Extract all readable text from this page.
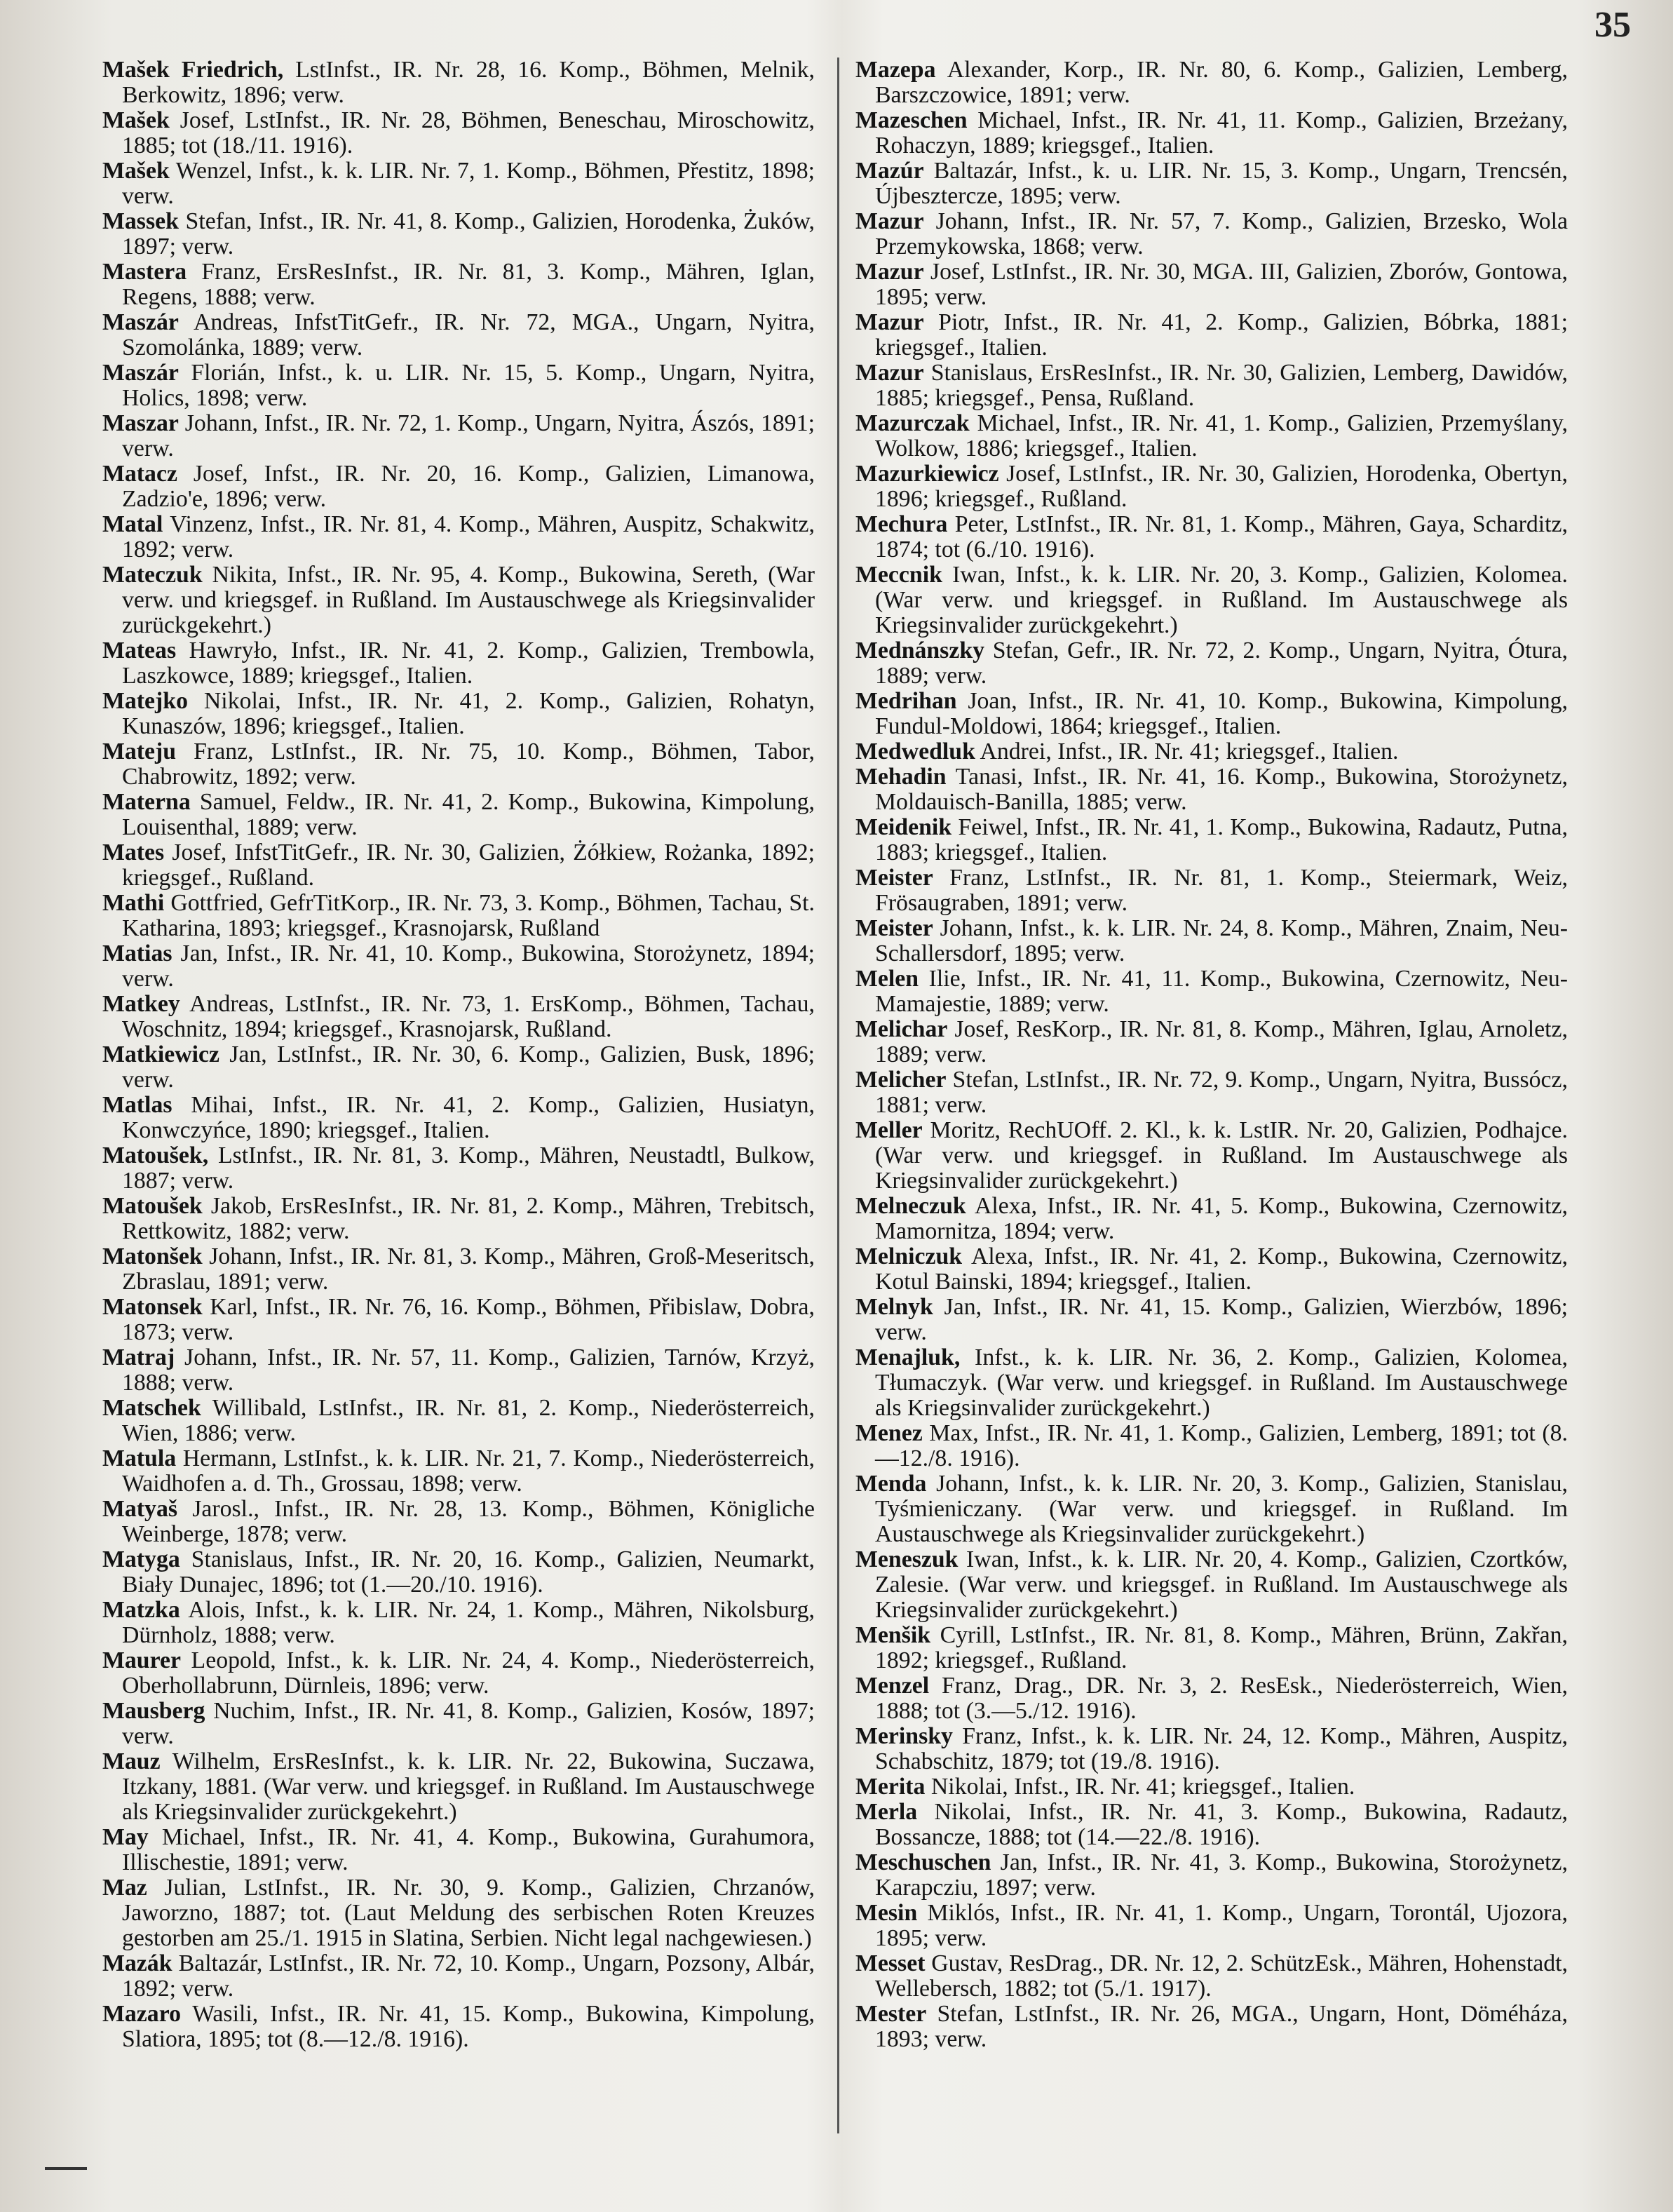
35

Mašek Friedrich, LstInfst., IR. Nr. 28, 16. Komp., Böhmen, Melnik, Berkowitz, 1896; verw.

Mašek Josef, LstInfst., IR. Nr. 28, Böhmen, Beneschau, Miroschowitz, 1885; tot (18./11. 1916).

Mašek Wenzel, Infst., k. k. LIR. Nr. 7, 1. Komp., Böhmen, Přestitz, 1898; verw.

Massek Stefan, Infst., IR. Nr. 41, 8. Komp., Galizien, Horodenka, Żuków, 1897; verw.

Mastera Franz, ErsResInfst., IR. Nr. 81, 3. Komp., Mähren, Iglan, Regens, 1888; verw.

Maszár Andreas, InfstTitGefr., IR. Nr. 72, MGA., Ungarn, Nyitra, Szomolánka, 1889; verw.

Maszár Florián, Infst., k. u. LIR. Nr. 15, 5. Komp., Ungarn, Nyitra, Holics, 1898; verw.

Maszar Johann, Infst., IR. Nr. 72, 1. Komp., Ungarn, Nyitra, Ászós, 1891; verw.

Matacz Josef, Infst., IR. Nr. 20, 16. Komp., Galizien, Limanowa, Zadzio'e, 1896; verw.

Matal Vinzenz, Infst., IR. Nr. 81, 4. Komp., Mähren, Auspitz, Schakwitz, 1892; verw.

Mateczuk Nikita, Infst., IR. Nr. 95, 4. Komp., Bukowina, Sereth, (War verw. und kriegsgef. in Rußland. Im Austauschwege als Kriegsinvalider zurückgekehrt.)

Mateas Hawryło, Infst., IR. Nr. 41, 2. Komp., Galizien, Trembowla, Laszkowce, 1889; kriegsgef., Italien.

Matejko Nikolai, Infst., IR. Nr. 41, 2. Komp., Galizien, Rohatyn, Kunaszów, 1896; kriegsgef., Italien.

Mateju Franz, LstInfst., IR. Nr. 75, 10. Komp., Böhmen, Tabor, Chabrowitz, 1892; verw.

Materna Samuel, Feldw., IR. Nr. 41, 2. Komp., Bukowina, Kimpolung, Louisenthal, 1889; verw.

Mates Josef, InfstTitGefr., IR. Nr. 30, Galizien, Żółkiew, Rożanka, 1892; kriegsgef., Rußland.

Mathi Gottfried, GefrTitKorp., IR. Nr. 73, 3. Komp., Böhmen, Tachau, St. Katharina, 1893; kriegsgef., Krasnojarsk, Rußland

Matias Jan, Infst., IR. Nr. 41, 10. Komp., Bukowina, Storożynetz, 1894; verw.

Matkey Andreas, LstInfst., IR. Nr. 73, 1. ErsKomp., Böhmen, Tachau, Woschnitz, 1894; kriegsgef., Krasnojarsk, Rußland.

Matkiewicz Jan, LstInfst., IR. Nr. 30, 6. Komp., Galizien, Busk, 1896; verw.

Matlas Mihai, Infst., IR. Nr. 41, 2. Komp., Galizien, Husiatyn, Konwczyńce, 1890; kriegsgef., Italien.

Matoušek, LstInfst., IR. Nr. 81, 3. Komp., Mähren, Neustadtl, Bulkow, 1887; verw.

Matoušek Jakob, ErsResInfst., IR. Nr. 81, 2. Komp., Mähren, Trebitsch, Rettkowitz, 1882; verw.

Matonšek Johann, Infst., IR. Nr. 81, 3. Komp., Mähren, Groß-Meseritsch, Zbraslau, 1891; verw.

Matonsek Karl, Infst., IR. Nr. 76, 16. Komp., Böhmen, Přibislaw, Dobra, 1873; verw.

Matraj Johann, Infst., IR. Nr. 57, 11. Komp., Galizien, Tarnów, Krzyż, 1888; verw.

Matschek Willibald, LstInfst., IR. Nr. 81, 2. Komp., Niederösterreich, Wien, 1886; verw.

Matula Hermann, LstInfst., k. k. LIR. Nr. 21, 7. Komp., Niederösterreich, Waidhofen a. d. Th., Grossau, 1898; verw.

Matyaš Jarosl., Infst., IR. Nr. 28, 13. Komp., Böhmen, Königliche Weinberge, 1878; verw.

Matyga Stanislaus, Infst., IR. Nr. 20, 16. Komp., Galizien, Neumarkt, Biały Dunajec, 1896; tot (1.—20./10. 1916).

Matzka Alois, Infst., k. k. LIR. Nr. 24, 1. Komp., Mähren, Nikolsburg, Dürnholz, 1888; verw.

Maurer Leopold, Infst., k. k. LIR. Nr. 24, 4. Komp., Niederösterreich, Oberhollabrunn, Dürnleis, 1896; verw.

Mausberg Nuchim, Infst., IR. Nr. 41, 8. Komp., Galizien, Kosów, 1897; verw.

Mauz Wilhelm, ErsResInfst., k. k. LIR. Nr. 22, Bukowina, Suczawa, Itzkany, 1881. (War verw. und kriegsgef. in Rußland. Im Austauschwege als Kriegsinvalider zurückgekehrt.)

May Michael, Infst., IR. Nr. 41, 4. Komp., Bukowina, Gurahumora, Illischestie, 1891; verw.

Maz Julian, LstInfst., IR. Nr. 30, 9. Komp., Galizien, Chrzanów, Jaworzno, 1887; tot. (Laut Meldung des serbischen Roten Kreuzes gestorben am 25./1. 1915 in Slatina, Serbien. Nicht legal nachgewiesen.)

Mazák Baltazár, LstInfst., IR. Nr. 72, 10. Komp., Ungarn, Pozsony, Albár, 1892; verw.

Mazaro Wasili, Infst., IR. Nr. 41, 15. Komp., Bukowina, Kimpolung, Slatiora, 1895; tot (8.—12./8. 1916).

Mazepa Alexander, Korp., IR. Nr. 80, 6. Komp., Galizien, Lemberg, Barszczowice, 1891; verw.

Mazeschen Michael, Infst., IR. Nr. 41, 11. Komp., Galizien, Brzeżany, Rohaczyn, 1889; kriegsgef., Italien.

Mazúr Baltazár, Infst., k. u. LIR. Nr. 15, 3. Komp., Ungarn, Trencsén, Újbeszterczе, 1895; verw.

Mazur Johann, Infst., IR. Nr. 57, 7. Komp., Galizien, Brzesko, Wola Przemykowska, 1868; verw.

Mazur Josef, LstInfst., IR. Nr. 30, MGA. III, Galizien, Zborów, Gontowa, 1895; verw.

Mazur Piotr, Infst., IR. Nr. 41, 2. Komp., Galizien, Bóbrka, 1881; kriegsgef., Italien.

Mazur Stanislaus, ErsResInfst., IR. Nr. 30, Galizien, Lemberg, Dawidów, 1885; kriegsgef., Pensa, Rußland.

Mazurczak Michael, Infst., IR. Nr. 41, 1. Komp., Galizien, Przemyślany, Wolkow, 1886; kriegsgef., Italien.

Mazurkiewicz Josef, LstInfst., IR. Nr. 30, Galizien, Horodenka, Obertyn, 1896; kriegsgef., Rußland.

Mechura Peter, LstInfst., IR. Nr. 81, 1. Komp., Mähren, Gaya, Scharditz, 1874; tot (6./10. 1916).

Meccnik Iwan, Infst., k. k. LIR. Nr. 20, 3. Komp., Galizien, Kolomea. (War verw. und kriegsgef. in Rußland. Im Austauschwege als Kriegsinvalider zurückgekehrt.)

Mednánszky Stefan, Gefr., IR. Nr. 72, 2. Komp., Ungarn, Nyitra, Ótura, 1889; verw.

Medrihan Joan, Infst., IR. Nr. 41, 10. Komp., Bukowina, Kimpolung, Fundul-Moldowi, 1864; kriegsgef., Italien.

Medwedluk Andrei, Infst., IR. Nr. 41; kriegsgef., Italien.

Mehadin Tanasi, Infst., IR. Nr. 41, 16. Komp., Bukowina, Storożynetz, Moldauisch-Banilla, 1885; verw.

Meidenik Feiwel, Infst., IR. Nr. 41, 1. Komp., Bukowina, Radautz, Putna, 1883; kriegsgef., Italien.

Meister Franz, LstInfst., IR. Nr. 81, 1. Komp., Steiermark, Weiz, Frösaugraben, 1891; verw.

Meister Johann, Infst., k. k. LIR. Nr. 24, 8. Komp., Mähren, Znaim, Neu-Schallersdorf, 1895; verw.

Melen Ilie, Infst., IR. Nr. 41, 11. Komp., Bukowina, Czernowitz, Neu-Mamajestie, 1889; verw.

Melichar Josef, ResKorp., IR. Nr. 81, 8. Komp., Mähren, Iglau, Arnoletz, 1889; verw.

Melicher Stefan, LstInfst., IR. Nr. 72, 9. Komp., Ungarn, Nyitra, Bussócz, 1881; verw.

Meller Moritz, RechUOff. 2. Kl., k. k. LstIR. Nr. 20, Galizien, Podhajce. (War verw. und kriegsgef. in Rußland. Im Austauschwege als Kriegsinvalider zurückgekehrt.)

Melneczuk Alexa, Infst., IR. Nr. 41, 5. Komp., Bukowina, Czernowitz, Mamornitza, 1894; verw.

Melniczuk Alexa, Infst., IR. Nr. 41, 2. Komp., Bukowina, Czernowitz, Kotul Bainski, 1894; kriegsgef., Italien.

Melnyk Jan, Infst., IR. Nr. 41, 15. Komp., Galizien, Wierzbów, 1896; verw.

Menajluk, Infst., k. k. LIR. Nr. 36, 2. Komp., Galizien, Kolomea, Tłumaczyk. (War verw. und kriegsgef. in Rußland. Im Austauschwege als Kriegsinvalider zurückgekehrt.)

Menez Max, Infst., IR. Nr. 41, 1. Komp., Galizien, Lemberg, 1891; tot (8.—12./8. 1916).

Menda Johann, Infst., k. k. LIR. Nr. 20, 3. Komp., Galizien, Stanislau, Tyśmieniczany. (War verw. und kriegsgef. in Rußland. Im Austauschwege als Kriegsinvalider zurückgekehrt.)

Meneszuk Iwan, Infst., k. k. LIR. Nr. 20, 4. Komp., Galizien, Czortków, Zalesie. (War verw. und kriegsgef. in Rußland. Im Austauschwege als Kriegsinvalider zurückgekehrt.)

Menšik Cyrill, LstInfst., IR. Nr. 81, 8. Komp., Mähren, Brünn, Zakřan, 1892; kriegsgef., Rußland.

Menzel Franz, Drag., DR. Nr. 3, 2. ResEsk., Niederösterreich, Wien, 1888; tot (3.—5./12. 1916).

Merinsky Franz, Infst., k. k. LIR. Nr. 24, 12. Komp., Mähren, Auspitz, Schabschitz, 1879; tot (19./8. 1916).

Merita Nikolai, Infst., IR. Nr. 41; kriegsgef., Italien.

Merla Nikolai, Infst., IR. Nr. 41, 3. Komp., Bukowina, Radautz, Bossancze, 1888; tot (14.—22./8. 1916).

Meschuschen Jan, Infst., IR. Nr. 41, 3. Komp., Bukowina, Storożynetz, Karapcziu, 1897; verw.

Mesin Miklós, Infst., IR. Nr. 41, 1. Komp., Ungarn, Torontál, Ujozora, 1895; verw.

Messet Gustav, ResDrag., DR. Nr. 12, 2. SchützEsk., Mähren, Hohenstadt, Wellebersch, 1882; tot (5./1. 1917).

Mester Stefan, LstInfst., IR. Nr. 26, MGA., Ungarn, Hont, Döméháza, 1893; verw.
